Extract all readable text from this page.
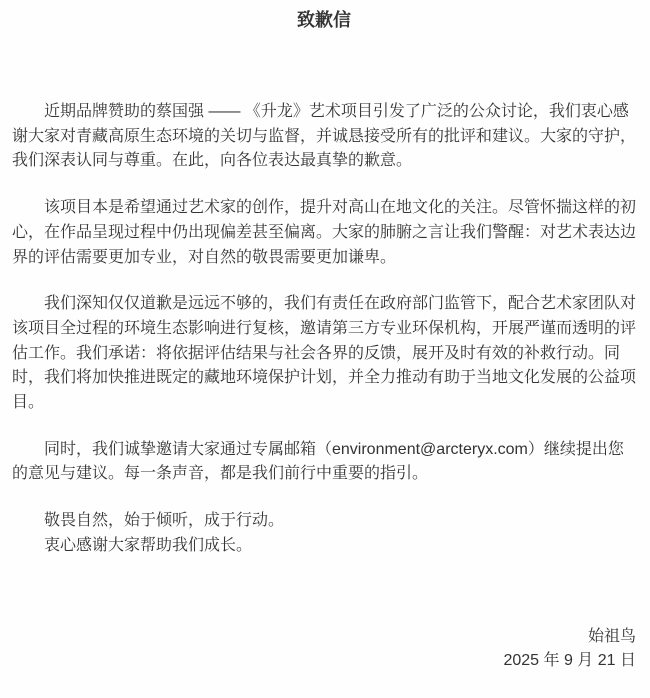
致歉信

近期品牌赞助的蔡国强 —— 《升龙》艺术项目引发了广泛的公众讨论，我们衷心感谢大家对青藏高原生态环境的关切与监督，并诚恳接受所有的批评和建议。大家的守护，我们深表认同与尊重。在此，向各位表达最真挚的歉意。

该项目本是希望通过艺术家的创作，提升对高山在地文化的关注。尽管怀揣这样的初心，在作品呈现过程中仍出现偏差甚至偏离。大家的肺腑之言让我们警醒：对艺术表达边界的评估需要更加专业，对自然的敬畏需要更加谦卑。

我们深知仅仅道歉是远远不够的，我们有责任在政府部门监管下，配合艺术家团队对该项目全过程的环境生态影响进行复核，邀请第三方专业环保机构，开展严谨而透明的评估工作。我们承诺：将依据评估结果与社会各界的反馈，展开及时有效的补救行动。同时，我们将加快推进既定的藏地环境保护计划，并全力推动有助于当地文化发展的公益项目。

同时，我们诚挚邀请大家通过专属邮箱（environment@arcteryx.com）继续提出您的意见与建议。每一条声音，都是我们前行中重要的指引。

敬畏自然，始于倾听，成于行动。

衷心感谢大家帮助我们成长。

始祖鸟

2025 年 9 月 21 日
